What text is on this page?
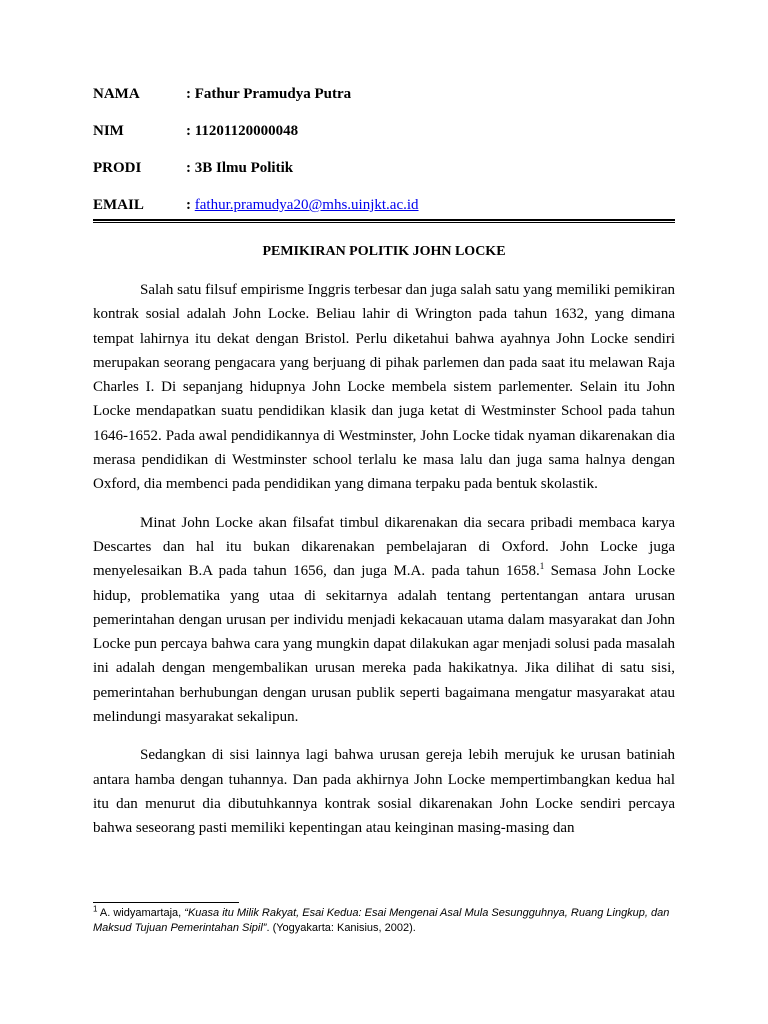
NAMA	: Fathur Pramudya Putra
NIM	: 11201120000048
PRODI	: 3B Ilmu Politik
EMAIL	: fathur.pramudya20@mhs.uinjkt.ac.id
PEMIKIRAN POLITIK JOHN LOCKE

Salah satu filsuf empirisme Inggris terbesar dan juga salah satu yang memiliki pemikiran kontrak sosial adalah John Locke. Beliau lahir di Wrington pada tahun 1632, yang dimana tempat lahirnya itu dekat dengan Bristol. Perlu diketahui bahwa ayahnya John Locke sendiri merupakan seorang pengacara yang berjuang di pihak parlemen dan pada saat itu melawan Raja Charles I. Di sepanjang hidupnya John Locke membela sistem parlementer. Selain itu John Locke mendapatkan suatu pendidikan klasik dan juga ketat di Westminster School pada tahun 1646-1652. Pada awal pendidikannya di Westminster, John Locke tidak nyaman dikarenakan dia merasa pendidikan di Westminster school terlalu ke masa lalu dan juga sama halnya dengan Oxford, dia membenci pada pendidikan yang dimana terpaku pada bentuk skolastik.

Minat John Locke akan filsafat timbul dikarenakan dia secara pribadi membaca karya Descartes dan hal itu bukan dikarenakan pembelajaran di Oxford. John Locke juga menyelesaikan B.A pada tahun 1656, dan juga M.A. pada tahun 1658.$^1$ Semasa John Locke hidup, problematika yang utaa di sekitarnya adalah tentang pertentangan antara urusan pemerintahan dengan urusan per individu menjadi kekacauan utama dalam masyarakat dan John Locke pun percaya bahwa cara yang mungkin dapat dilakukan agar menjadi solusi pada masalah ini adalah dengan mengembalikan urusan mereka pada hakikatnya. Jika dilihat di satu sisi, pemerintahan berhubungan dengan urusan publik seperti bagaimana mengatur masyarakat atau melindungi masyarakat sekalipun.

Sedangkan di sisi lainnya lagi bahwa urusan gereja lebih merujuk ke urusan batiniah antara hamba dengan tuhannya. Dan pada akhirnya John Locke mempertimbangkan kedua hal itu dan menurut dia dibutuhkannya kontrak sosial dikarenakan John Locke sendiri percaya bahwa seseorang pasti memiliki kepentingan atau keinginan masing-masing dan

$^1$ A. widyamartaja, “Kuasa itu Milik Rakyat, Esai Kedua: Esai Mengenai Asal Mula Sesungguhnya, Ruang Lingkup, dan Maksud Tujuan Pemerintahan Sipil”. (Yogyakarta: Kanisius, 2002).
